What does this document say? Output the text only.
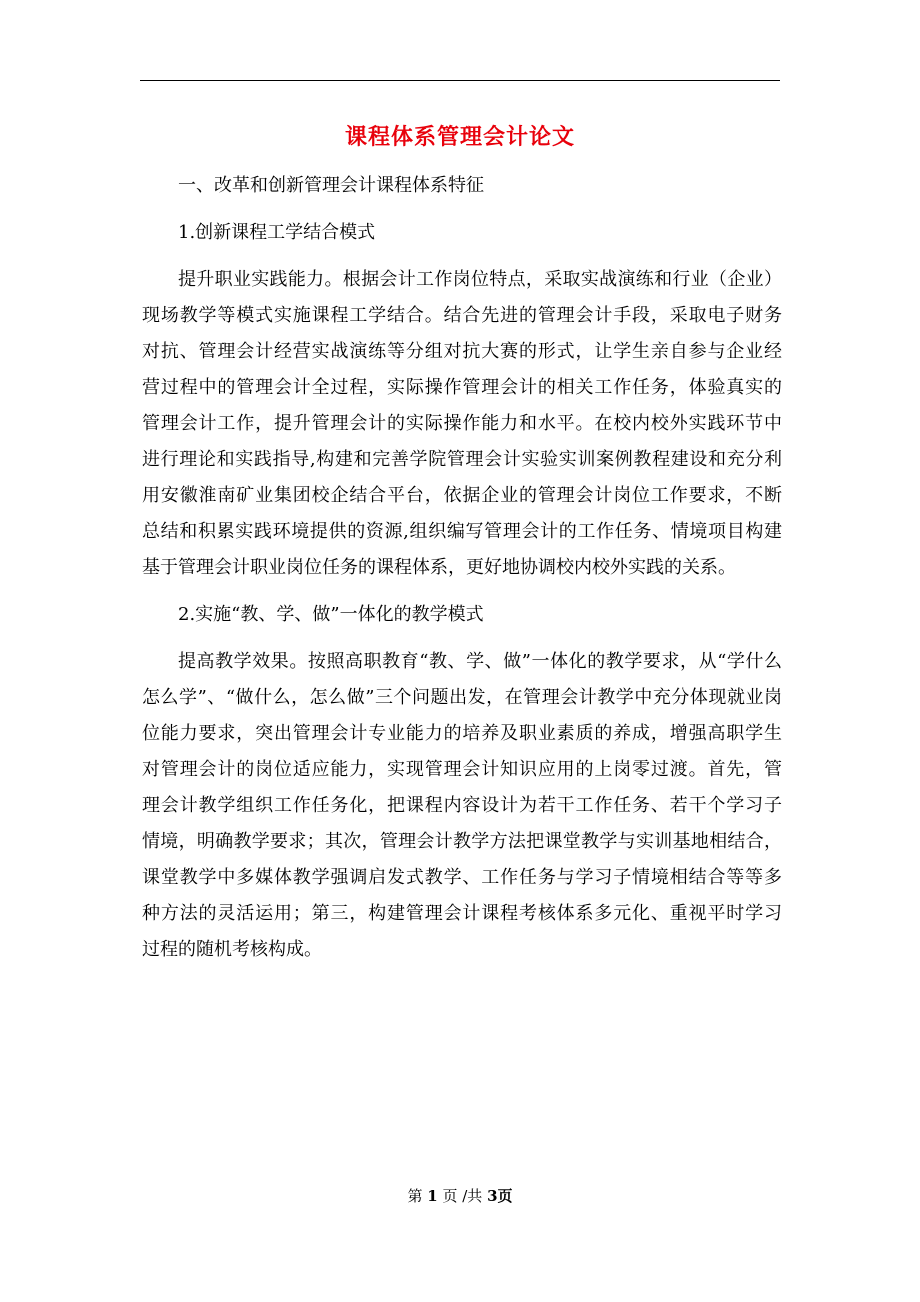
课程体系管理会计论文
一、改革和创新管理会计课程体系特征
1.创新课程工学结合模式
提升职业实践能力。根据会计工作岗位特点，采取实战演练和行业（企业）
现场教学等模式实施课程工学结合。结合先进的管理会计手段，采取电子财务
对抗、管理会计经营实战演练等分组对抗大赛的形式，让学生亲自参与企业经
营过程中的管理会计全过程，实际操作管理会计的相关工作任务，体验真实的
管理会计工作，提升管理会计的实际操作能力和水平。在校内校外实践环节中
进行理论和实践指导,构建和完善学院管理会计实验实训案例教程建设和充分利
用安徽淮南矿业集团校企结合平台，依据企业的管理会计岗位工作要求，不断
总结和积累实践环境提供的资源,组织编写管理会计的工作任务、情境项目构建
基于管理会计职业岗位任务的课程体系，更好地协调校内校外实践的关系。
2.实施“教、学、做”一体化的教学模式
提高教学效果。按照高职教育“教、学、做”一体化的教学要求，从“学什么
怎么学”、“做什么，怎么做”三个问题出发，在管理会计教学中充分体现就业岗
位能力要求，突出管理会计专业能力的培养及职业素质的养成，增强高职学生
对管理会计的岗位适应能力，实现管理会计知识应用的上岗零过渡。首先，管
理会计教学组织工作任务化，把课程内容设计为若干工作任务、若干个学习子
情境，明确教学要求；其次，管理会计教学方法把课堂教学与实训基地相结合，
课堂教学中多媒体教学强调启发式教学、工作任务与学习子情境相结合等等多
种方法的灵活运用；第三，构建管理会计课程考核体系多元化、重视平时学习
过程的随机考核构成。
第 1 页 /共 3页
